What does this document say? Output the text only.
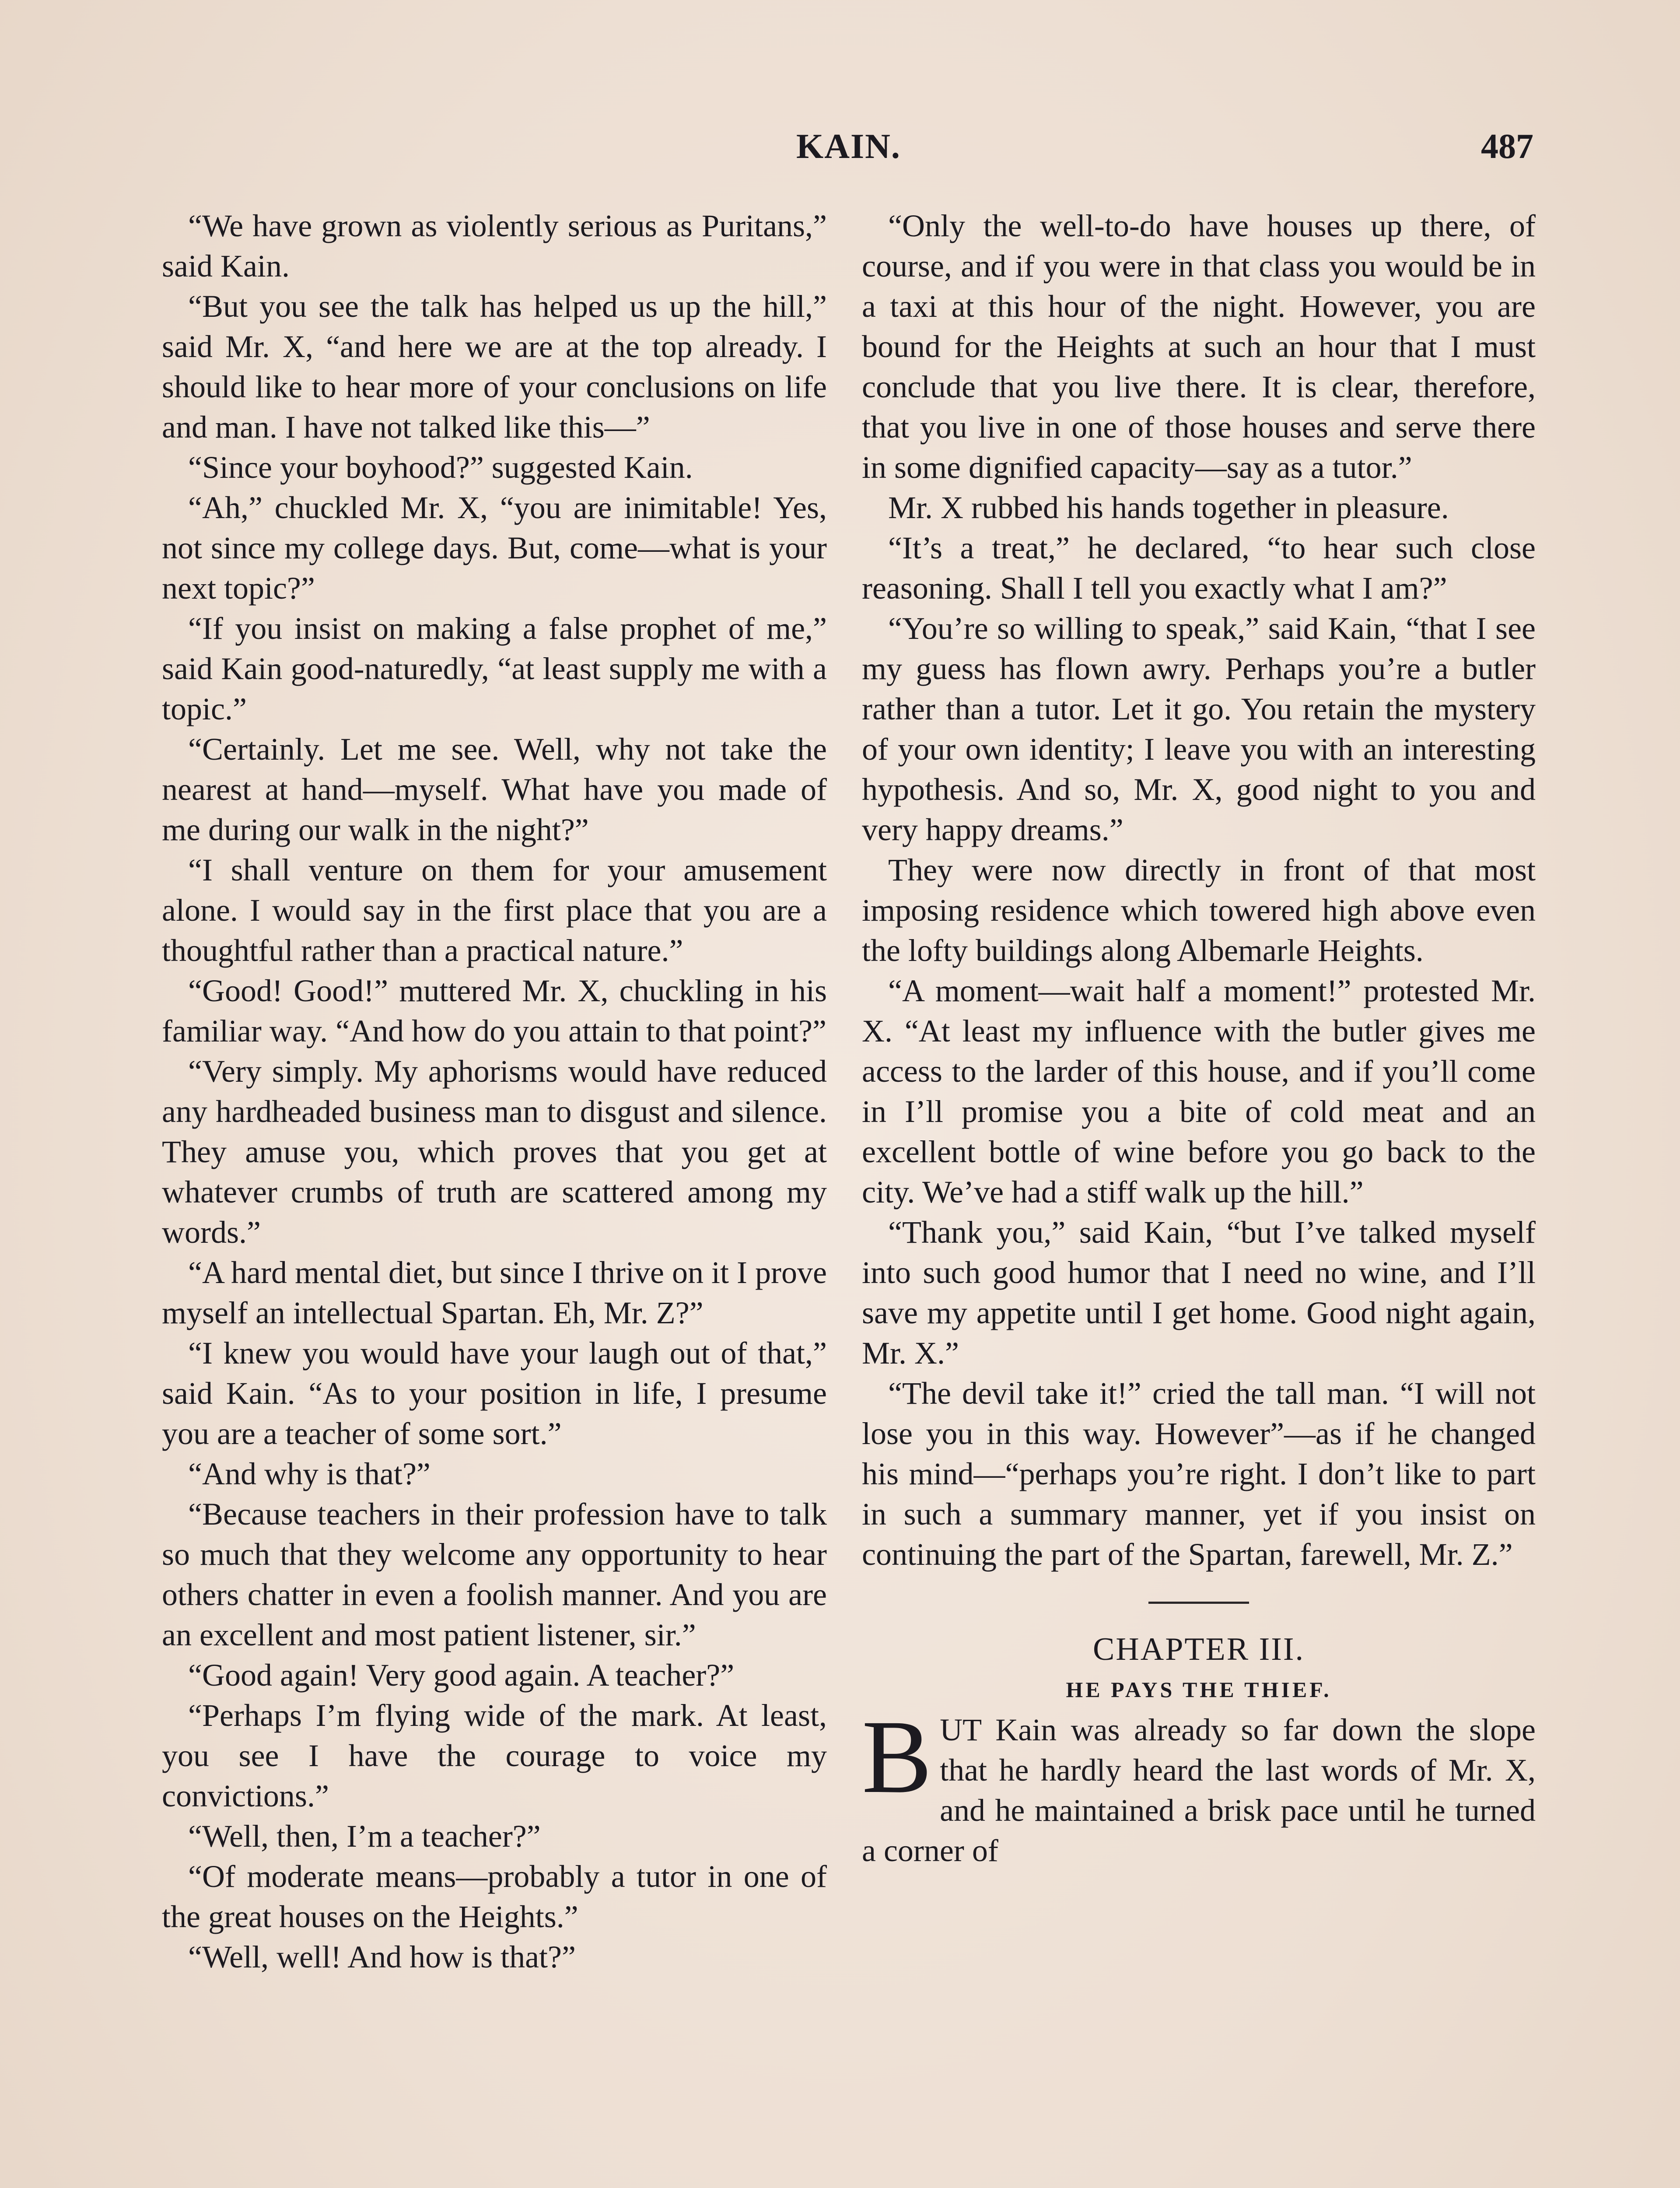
KAIN.	487

“We have grown as violently serious as Puritans,” said Kain.

“But you see the talk has helped us up the hill,” said Mr. X, “and here we are at the top already. I should like to hear more of your conclusions on life and man. I have not talked like this—”

“Since your boyhood?” suggested Kain.

“Ah,” chuckled Mr. X, “you are inimitable! Yes, not since my college days. But, come—what is your next topic?”

“If you insist on making a false prophet of me,” said Kain good-naturedly, “at least supply me with a topic.”

“Certainly. Let me see. Well, why not take the nearest at hand—myself. What have you made of me during our walk in the night?”

“I shall venture on them for your amusement alone. I would say in the first place that you are a thoughtful rather than a practical nature.”

“Good! Good!” muttered Mr. X, chuckling in his familiar way. “And how do you attain to that point?”

“Very simply. My aphorisms would have reduced any hardheaded business man to disgust and silence. They amuse you, which proves that you get at whatever crumbs of truth are scattered among my words.”

“A hard mental diet, but since I thrive on it I prove myself an intellectual Spartan. Eh, Mr. Z?”

“I knew you would have your laugh out of that,” said Kain. “As to your position in life, I presume you are a teacher of some sort.”

“And why is that?”

“Because teachers in their profession have to talk so much that they welcome any opportunity to hear others chatter in even a foolish manner. And you are an excellent and most patient listener, sir.”

“Good again! Very good again. A teacher?”

“Perhaps I’m flying wide of the mark. At least, you see I have the courage to voice my convictions.”

“Well, then, I’m a teacher?”

“Of moderate means—probably a tutor in one of the great houses on the Heights.”

“Well, well! And how is that?”

“Only the well-to-do have houses up there, of course, and if you were in that class you would be in a taxi at this hour of the night. However, you are bound for the Heights at such an hour that I must conclude that you live there. It is clear, therefore, that you live in one of those houses and serve there in some dignified capacity—say as a tutor.”

Mr. X rubbed his hands together in pleasure.

“It’s a treat,” he declared, “to hear such close reasoning. Shall I tell you exactly what I am?”

“You’re so willing to speak,” said Kain, “that I see my guess has flown awry. Perhaps you’re a butler rather than a tutor. Let it go. You retain the mystery of your own identity; I leave you with an interesting hypothesis. And so, Mr. X, good night to you and very happy dreams.”

They were now directly in front of that most imposing residence which towered high above even the lofty buildings along Albemarle Heights.

“A moment—wait half a moment!” protested Mr. X. “At least my influence with the butler gives me access to the larder of this house, and if you’ll come in I’ll promise you a bite of cold meat and an excellent bottle of wine before you go back to the city. We’ve had a stiff walk up the hill.”

“Thank you,” said Kain, “but I’ve talked myself into such good humor that I need no wine, and I’ll save my appetite until I get home. Good night again, Mr. X.”

“The devil take it!” cried the tall man. “I will not lose you in this way. However”—as if he changed his mind—“perhaps you’re right. I don’t like to part in such a summary manner, yet if you insist on continuing the part of the Spartan, farewell, Mr. Z.”

CHAPTER III.

HE PAYS THE THIEF.

B UT Kain was already so far down the slope that he hardly heard the last words of Mr. X, and he maintained a brisk pace until he turned a corner of
